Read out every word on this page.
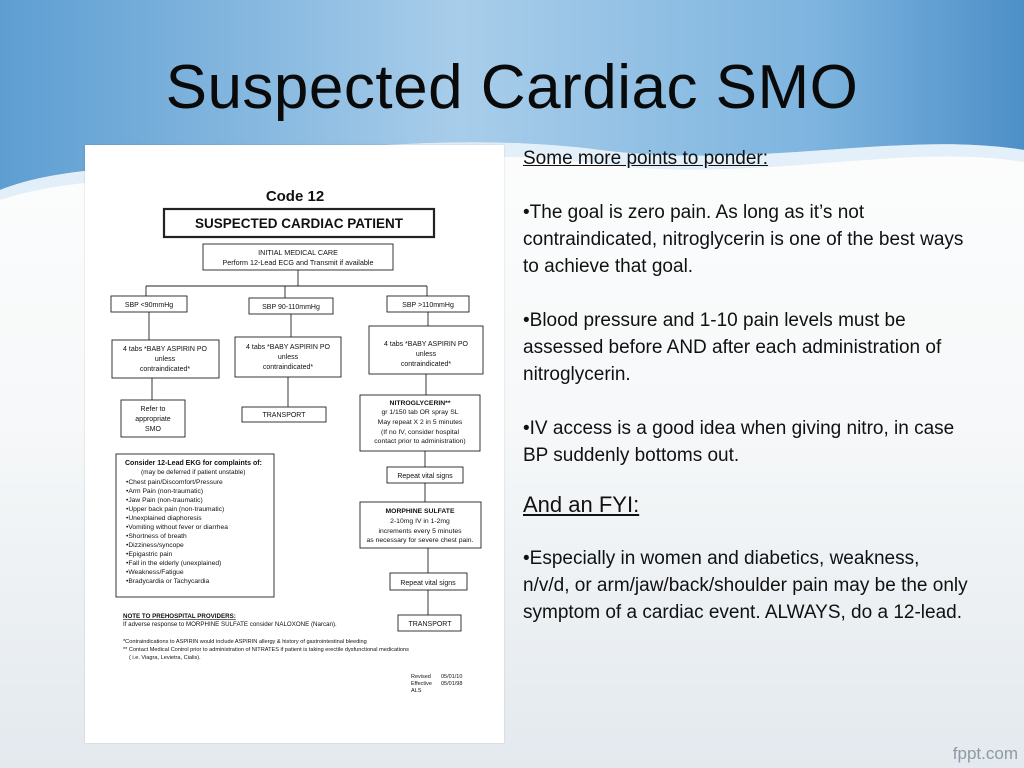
Suspected Cardiac SMO
Code 12
SUSPECTED CARDIAC PATIENT
INITIAL MEDICAL CARE
Perform 12-Lead ECG and Transmit if available
SBP <90mmHg	SBP 90-110mmHg	SBP >110mmHg
4 tabs *BABY ASPIRIN PO
unless
contraindicated*
4 tabs *BABY ASPIRIN PO
unless
contraindicated*
4 tabs *BABY ASPIRIN PO
unless
contraindicated*
Refer to
appropriate
SMO
TRANSPORT
NITROGLYCERIN**
gr 1/150 tab OR spray SL
May repeat X 2 in 5 minutes
(If no IV, consider hospital
contact prior to administration)
Repeat vital signs
MORPHINE SULFATE
2-10mg IV in 1-2mg
increments every 5 minutes
as necessary for severe chest pain.
Repeat vital signs
TRANSPORT
Consider 12-Lead EKG for complaints of:
(may be deferred if patient unstable)
•Chest pain/Discomfort/Pressure
•Arm Pain (non-traumatic)
•Jaw Pain (non-traumatic)
•Upper back pain (non-traumatic)
•Unexplained diaphoresis
•Vomiting without fever or diarrhea
•Shortness of breath
•Dizziness/syncope
•Epigastric pain
•Fall in the elderly (unexplained)
•Weakness/Fatigue
•Bradycardia or Tachycardia
NOTE TO PREHOSPITAL PROVIDERS:
If adverse response to MORPHINE SULFATE consider NALOXONE (Narcan).
*Contraindications to ASPIRIN would include ASPIRIN allergy & history of gastrointestinal bleeding
** Contact Medical Control prior to administration of NITRATES if patient is taking erectile dysfunctional medications
( i.e. Viagra, Levietra, Cialis).
Revised 05/01/10
Effective 05/01/98
ALS

Some more points to ponder:

•The goal is zero pain. As long as it’s not contraindicated, nitroglycerin is one of the best ways to achieve that goal.

•Blood pressure and 1-10 pain levels must be assessed before AND after each administration of nitroglycerin.

•IV access is a good idea when giving nitro, in case BP suddenly bottoms out.

And an FYI:

•Especially in women and diabetics, weakness, n/v/d, or arm/jaw/back/shoulder pain may be the only symptom of a cardiac event. ALWAYS, do a 12-lead.

fppt.com
